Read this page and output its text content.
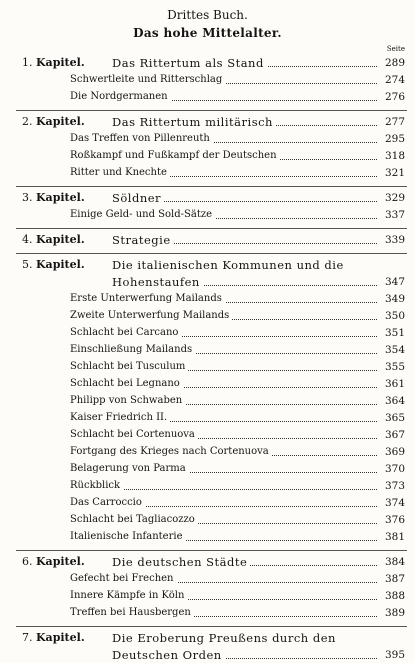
Drittes Buch.
Das hohe Mittelalter.
Seite
1. Kapitel. Das Rittertum als Stand	289
Schwertleite und Ritterschlag	274
Die Nordgermanen	276
2. Kapitel. Das Rittertum militärisch	277
Das Treffen von Pillenreuth	295
Roßkampf und Fußkampf der Deutschen	318
Ritter und Knechte	321
3. Kapitel. Söldner	329
Einige Geld- und Sold-Sätze	337
4. Kapitel. Strategie	339
5. Kapitel. Die italienischen Kommunen und die
Hohenstaufen	347
Erste Unterwerfung Mailands	349
Zweite Unterwerfung Mailands	350
Schlacht bei Carcano	351
Einschließung Mailands	354
Schlacht bei Tusculum	355
Schlacht bei Legnano	361
Philipp von Schwaben	364
Kaiser Friedrich II.	365
Schlacht bei Cortenuova	367
Fortgang des Krieges nach Cortenuova	369
Belagerung von Parma	370
Rückblick	373
Das Carroccio	374
Schlacht bei Tagliacozzo	376
Italienische Infanterie	381
6. Kapitel. Die deutschen Städte	384
Gefecht bei Frechen	387
Innere Kämpfe in Köln	388
Treffen bei Hausbergen	389
7. Kapitel. Die Eroberung Preußens durch den
Deutschen Orden	395
